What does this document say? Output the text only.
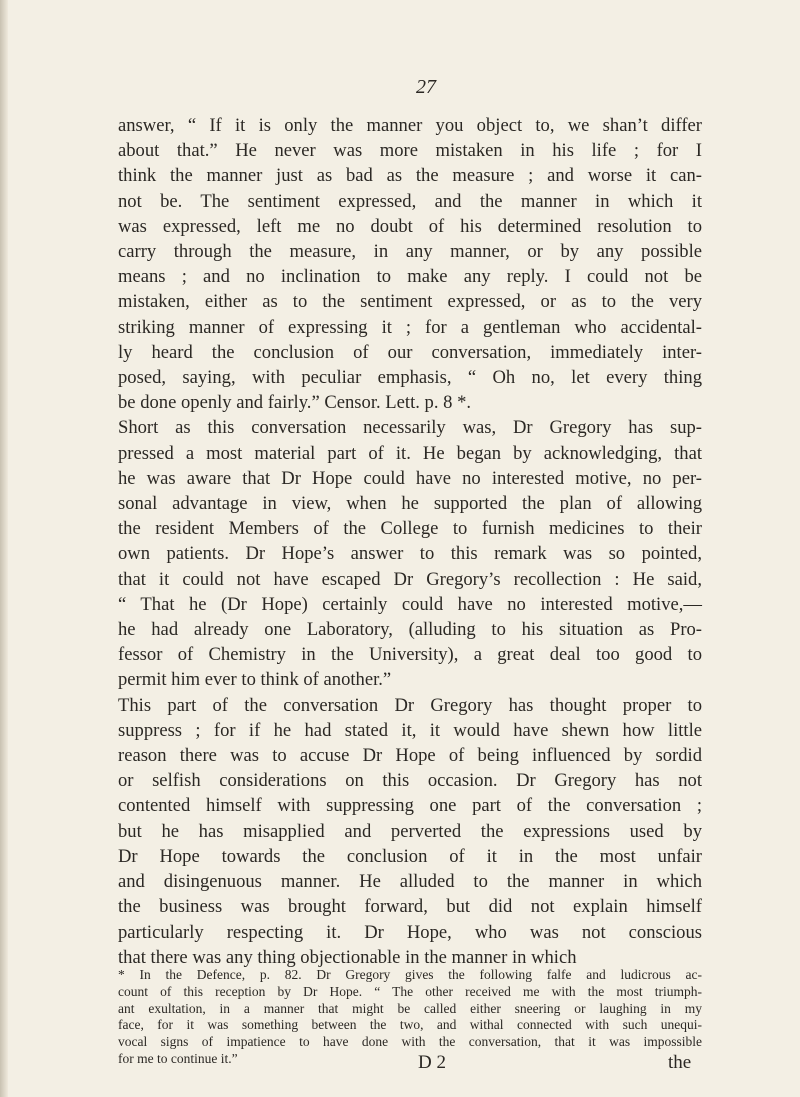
27
answer, “ If it is only the manner you object to, we shan’t differ
about that.” He never was more mistaken in his life ; for I
think the manner just as bad as the measure ; and worse it can-
not be. The sentiment expressed, and the manner in which it
was expressed, left me no doubt of his determined resolution to
carry through the measure, in any manner, or by any possible
means ; and no inclination to make any reply. I could not be
mistaken, either as to the sentiment expressed, or as to the very
striking manner of expressing it ; for a gentleman who accidental-
ly heard the conclusion of our conversation, immediately inter-
posed, saying, with peculiar emphasis, “ Oh no, let every thing
be done openly and fairly.” Censor. Lett. p. 8 *.
Short as this conversation necessarily was, Dr Gregory has sup-
pressed a most material part of it. He began by acknowledging, that
he was aware that Dr Hope could have no interested motive, no per-
sonal advantage in view, when he supported the plan of allowing
the resident Members of the College to furnish medicines to their
own patients. Dr Hope’s answer to this remark was so pointed,
that it could not have escaped Dr Gregory’s recollection : He said,
“ That he (Dr Hope) certainly could have no interested motive,—
he had already one Laboratory, (alluding to his situation as Pro-
fessor of Chemistry in the University), a great deal too good to
permit him ever to think of another.”
This part of the conversation Dr Gregory has thought proper to
suppress ; for if he had stated it, it would have shewn how little
reason there was to accuse Dr Hope of being influenced by sordid
or selfish considerations on this occasion. Dr Gregory has not
contented himself with suppressing one part of the conversation ;
but he has misapplied and perverted the expressions used by
Dr Hope towards the conclusion of it in the most unfair
and disingenuous manner. He alluded to the manner in which
the business was brought forward, but did not explain himself
particularly respecting it. Dr Hope, who was not conscious
that there was any thing objectionable in the manner in which
* In the Defence, p. 82. Dr Gregory gives the following falfe and ludicrous ac-
count of this reception by Dr Hope. “ The other received me with the most triumph-
ant exultation, in a manner that might be called either sneering or laughing in my
face, for it was something between the two, and withal connected with such unequi-
vocal signs of impatience to have done with the conversation, that it was impossible
for me to continue it.”	D 2	the
